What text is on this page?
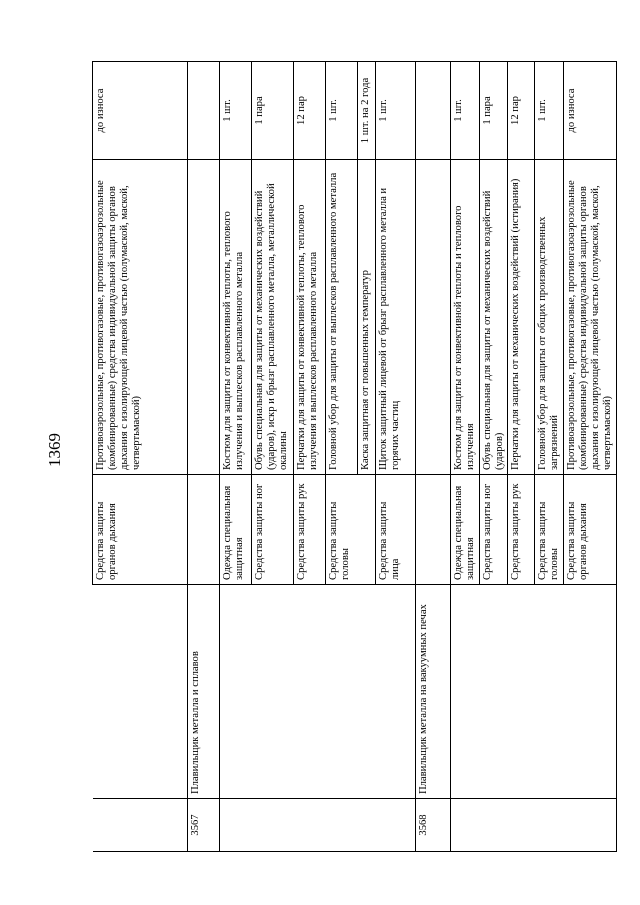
1369
		Средства защиты органов дыхания	Противоаэрозольные, противогазовые, противогазоаэрозольные (комбинированные) средства индивидуальной защиты органов дыхания с изолирующей лицевой частью (полумаской, маской, четвертьмаской)	до износа
3567	Плавильщик металла и сплавов			
		Одежда специальная защитная	Костюм для защиты от конвективной теплоты, теплового излучения и выплесков расплавленного металла	1 шт.
		Средства защиты ног	Обувь специальная для защиты от механических воздействий (ударов), искр и брызг расплавленного металла, металлической окалины	1 пара
		Средства защиты рук	Перчатки для защиты от конвективной теплоты, теплового излучения и выплесков расплавленного металла	12 пар
		Средства защиты головы	Головной убор для защиты от выплесков расплавленного металла	1 шт.
			Каска защитная от повышенных температур	1 шт. на 2 года
		Средства защиты лица	Щиток защитный лицевой от брызг расплавленного металла и горячих частиц	1 шт.
3568	Плавильщик металла на вакуумных печах			
		Одежда специальная защитная	Костюм для защиты от конвективной теплоты и теплового излучения	1 шт.
		Средства защиты ног	Обувь специальная для защиты от механических воздействий (ударов)	1 пара
		Средства защиты рук	Перчатки для защиты от механических воздействий (истирания)	12 пар
		Средства защиты головы	Головной убор для защиты от общих производственных загрязнений	1 шт.
		Средства защиты органов дыхания	Противоаэрозольные, противогазовые, противогазоаэрозольные (комбинированные) средства индивидуальной защиты органов дыхания с изолирующей лицевой частью (полумаской, маской, четвертьмаской)	до износа
